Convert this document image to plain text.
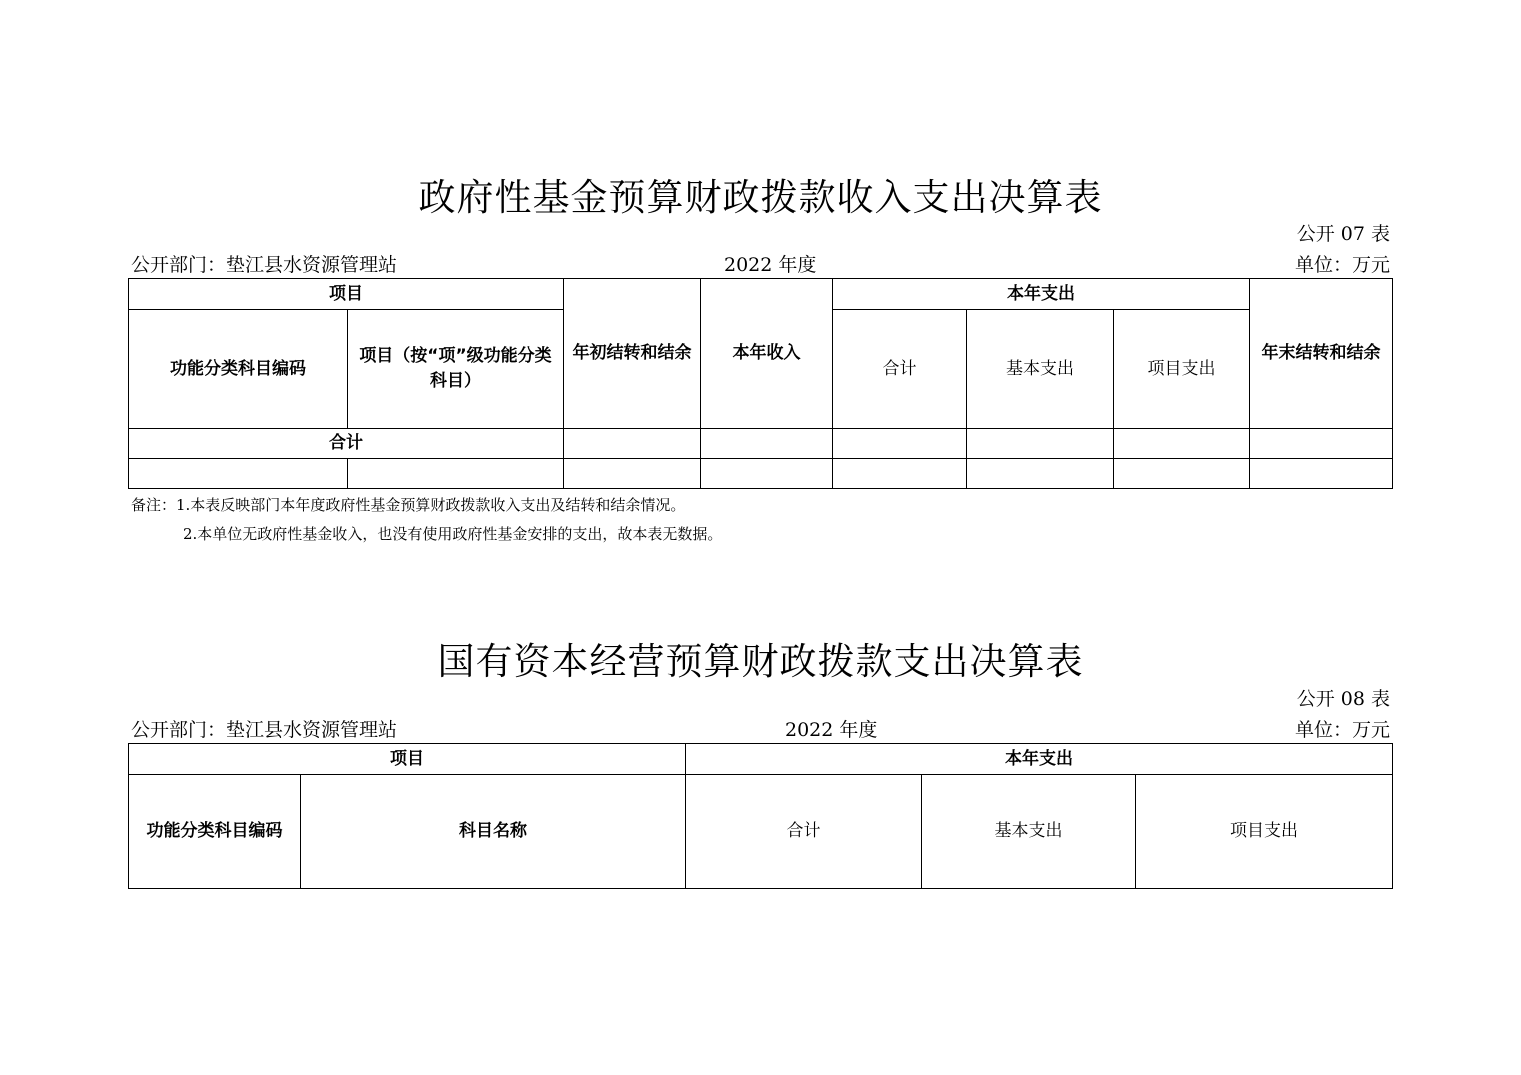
政府性基金预算财政拨款收入支出决算表
公开 07 表
公开部门：垫江县水资源管理站	2022 年度	单位：万元
项目		年初结转和结余	本年收入	本年支出			年末结转和结余
功能分类科目编码	项目（按“项”级功能分类科目）			合计	基本支出	项目支出	
合计							

备注：1.本表反映部门本年度政府性基金预算财政拨款收入支出及结转和结余情况。
2.本单位无政府性基金收入，也没有使用政府性基金安排的支出，故本表无数据。
国有资本经营预算财政拨款支出决算表
公开 08 表
公开部门：垫江县水资源管理站	2022 年度	单位：万元
项目		本年支出		
功能分类科目编码	科目名称	合计	基本支出	项目支出
